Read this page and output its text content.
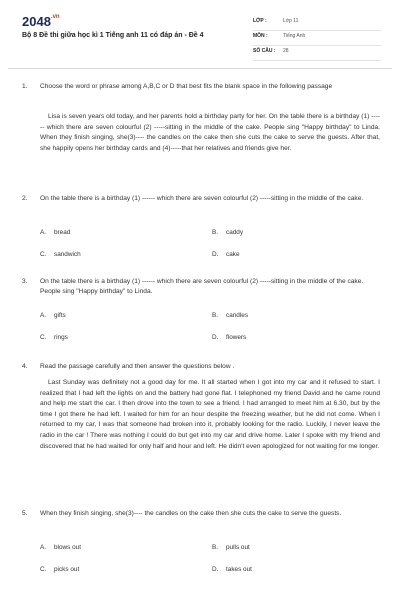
$2048^{.vn}$
Bộ 8 Đề thi giữa học kì 1 Tiếng anh 11 có đáp án - Đề 4
LỚP :	Lớp 11
MÔN :	Tiếng Anh
SỐ CÂU : 28
1. Choose the word or phrase among A,B,C or D that best fits the blank space in the following passage
Lisa is seven years old today, and her parents hold a birthday party for her. On the table there is a birthday (1) ------ which there are seven colourful (2) -----sitting in the middle of the cake. People sing "Happy birthday" to Linda. When they finish singing, she(3)---- the candles on the cake then she cuts the cake to serve the guests. After that, she happily opens her birthday cards and (4)-----that her relatives and friends give her.
2. On the table there is a birthday (1) ------ which there are seven colourful (2) -----sitting in the middle of the cake.
A. bread	B. caddy
C. sandwich	D. cake
3. On the table there is a birthday (1) ------ which there are seven colourful (2) -----sitting in the middle of the cake. People sing "Happy birthday" to Linda.
A. gifts	B. candles
C. rings	D. flowers
4. Read the passage carefully and then answer the questions below .
Last Sunday was definitely not a good day for me. It all started when I got into my car and it refused to start. I realized that I had left the lights on and the battery had gone flat. I telephoned my friend David and he came round and help me start the car. I then drove into the town to see a friend. I had arranged to meet him at 6.30, but by the time I got there he had left. I waited for him for an hour despite the freezing weather, but he did not come. When I returned to my car, I was that someone had broken into it, probably looking for the radio. Luckily, I never leave the radio in the car ! There was nothing I could do but get into my car and drive home. Later I spoke with my friend and discovered that he had waited for only half and hour and left. He didn't even apologized for not waiting for me longer.
5. When they finish singing, she(3)---- the candles on the cake then she cuts the cake to serve the guests.
A. blows out	B. pulls out
C. picks out	D. takes out
